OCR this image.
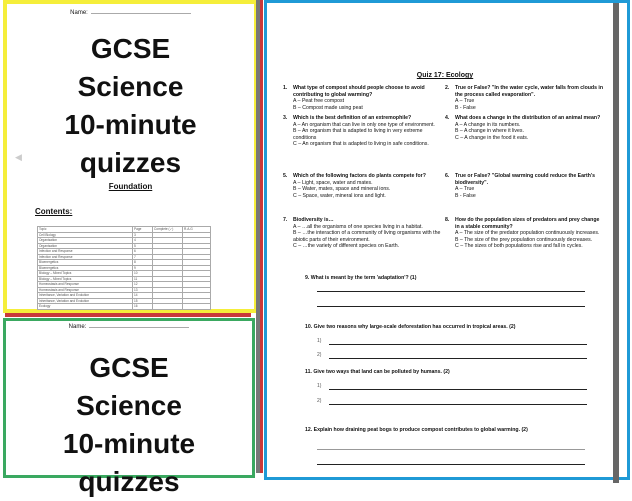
Name:
GCSE
Science
10-minute
quizzes
Foundation
Contents:
Topic	Page	Complete (✓)	R.A.G
Cell Biology	3		
Organisation	4		
Organisation	5		
Infection and Response	6		
Infection and Response	7		
Bioenergetics	8		
Bioenergetics	9		
Biology – Mixed Topics	10		
Biology – Mixed Topics	11		
Homeostasis and Response	12		
Homeostasis and Response	13		
Inheritance, Variation and Evolution	14		
Inheritance, Variation and Evolution	15		
Ecology	16		
◀
Name:
GCSE
Science
10-minute
quizzes
Quiz 17: Ecology
9. What is meant by the term 'adaptation'? (1)
10. Give two reasons why large-scale deforestation has occurred in tropical areas. (2)
1)
2)
11. Give two ways that land can be polluted by humans. (2)
1)
2)
12. Explain how draining peat bogs to produce compost contributes to global warming. (2)
1. What type of compost should people choose to avoid contributing to global warming?
A – Peat free compost
B – Compost made using peat
2. True or False? "In the water cycle, water falls from clouds in the process called evaporation".
A – True
B - False
3. Which is the best definition of an extremophile?
A – An organism that can live in only one type of environment.
B – An organism that is adapted to living in very extreme conditions
C – An organism that is adapted to living in safe conditions.
4. What does a change in the distribution of an animal mean?
A – A change in its numbers.
B – A change in where it lives.
C – A change in the food it eats.
5. Which of the following factors do plants compete for?
A – Light, space, water and mates.
B – Water, mates, space and mineral ions.
C – Space, water, mineral ions and light.
6. True or False? "Global warming could reduce the Earth's biodiversity".
A – True
B - False
7. Biodiversity is…
A – …all the organisms of one species living in a habitat.
B – …the interaction of a community of living organisms with the abiotic parts of their environment.
C – …the variety of different species on Earth.
8. How do the population sizes of predators and prey change in a stable community?
A – The size of the predator population continuously increases.
B – The size of the prey population continuously decreases.
C – The sizes of both populations rise and fall in cycles.
